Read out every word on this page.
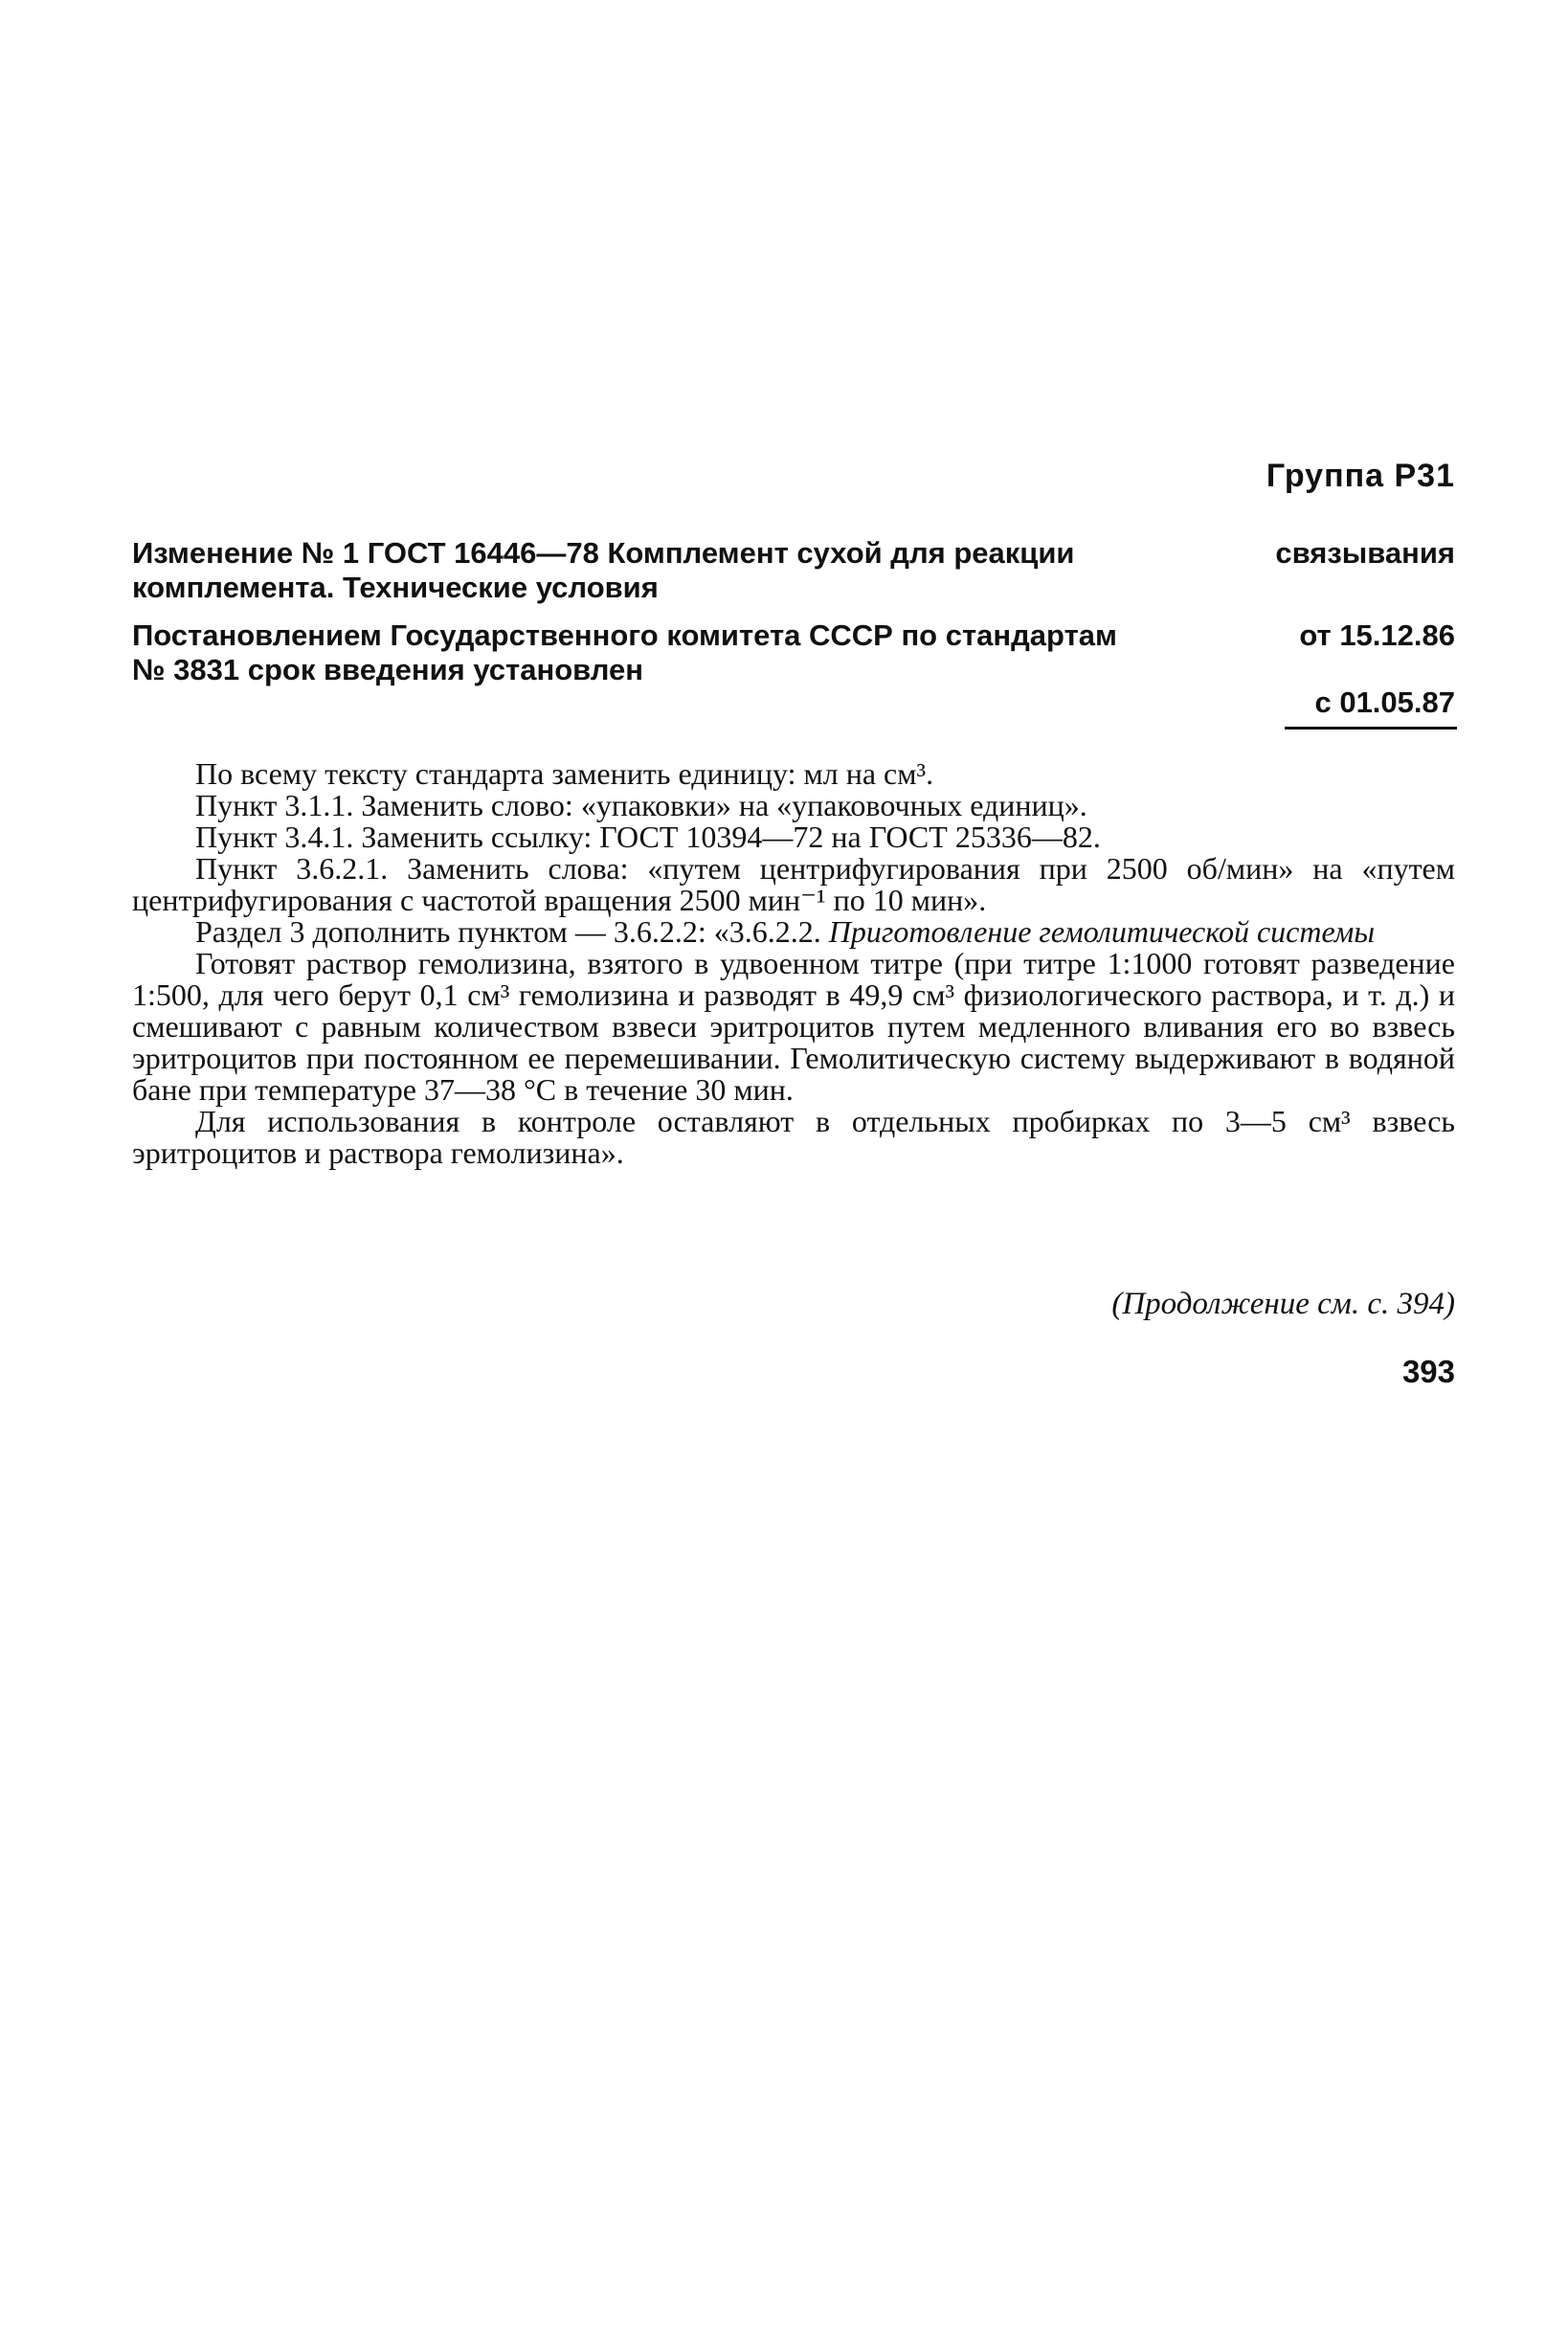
Группа Р31
Изменение № 1 ГОСТ 16446—78 Комплемент сухой для реакции	связывания
комплемента. Технические условия
Постановлением Государственного комитета СССР по стандартам	от 15.12.86
№ 3831 срок введения установлен
с 01.05.87

По всему тексту стандарта заменить единицу: мл на см³.

Пункт 3.1.1. Заменить слово: «упаковки» на «упаковочных единиц».

Пункт 3.4.1. Заменить ссылку: ГОСТ 10394—72 на ГОСТ 25336—82.

Пункт 3.6.2.1. Заменить слова: «путем центрифугирования при 2500 об/мин» на «путем центрифугирования с частотой вращения 2500 мин⁻¹ по 10 мин».

Раздел 3 дополнить пунктом — 3.6.2.2: «3.6.2.2. Приготовление гемолитической системы

Готовят раствор гемолизина, взятого в удвоенном титре (при титре 1:1000 готовят разведение 1:500, для чего берут 0,1 см³ гемолизина и разводят в 49,9 см³ физиологического раствора, и т. д.) и смешивают с равным количеством взвеси эритроцитов путем медленного вливания его во взвесь эритроцитов при постоянном ее перемешивании. Гемолитическую систему выдерживают в водяной бане при температуре 37—38 °С в течение 30 мин.

Для использования в контроле оставляют в отдельных пробирках по 3—5 см³ взвесь эритроцитов и раствора гемолизина».

(Продолжение см. с. 394)
393
